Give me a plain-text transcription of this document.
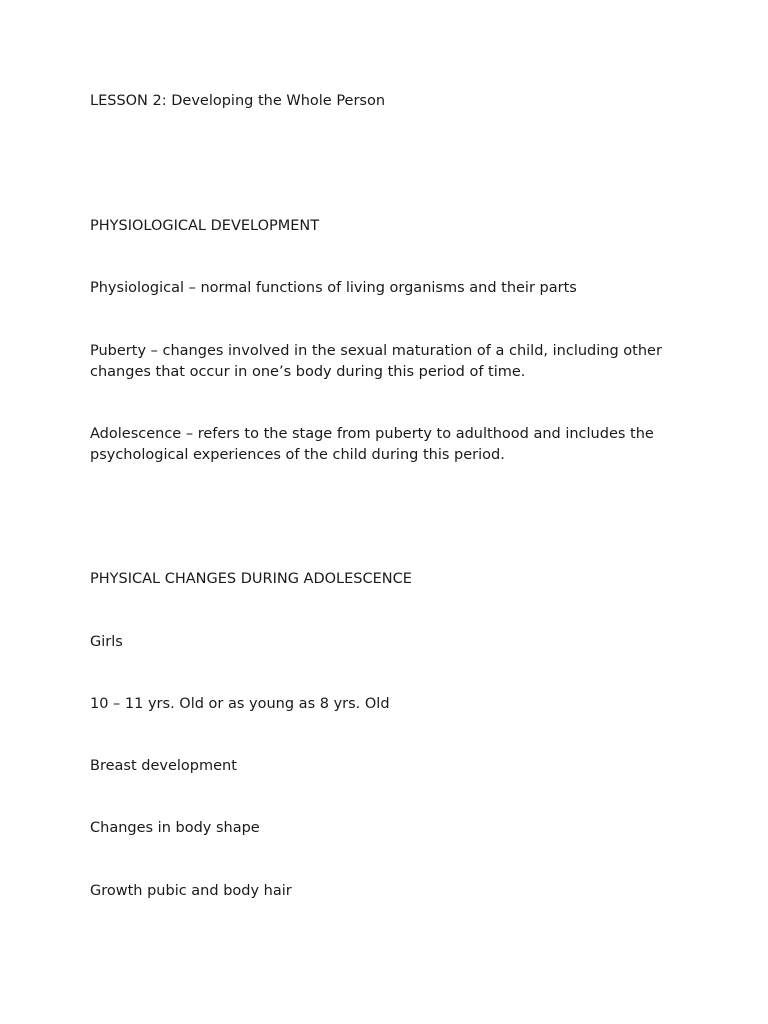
LESSON 2: Developing the Whole Person

PHYSIOLOGICAL DEVELOPMENT

Physiological – normal functions of living organisms and their parts

Puberty – changes involved in the sexual maturation of a child, including other changes that occur in one’s body during this period of time.

Adolescence – refers to the stage from puberty to adulthood and includes the psychological experiences of the child during this period.

PHYSICAL CHANGES DURING ADOLESCENCE

Girls

10 – 11 yrs. Old or as young as 8 yrs. Old

Breast development

Changes in body shape

Growth pubic and body hair
